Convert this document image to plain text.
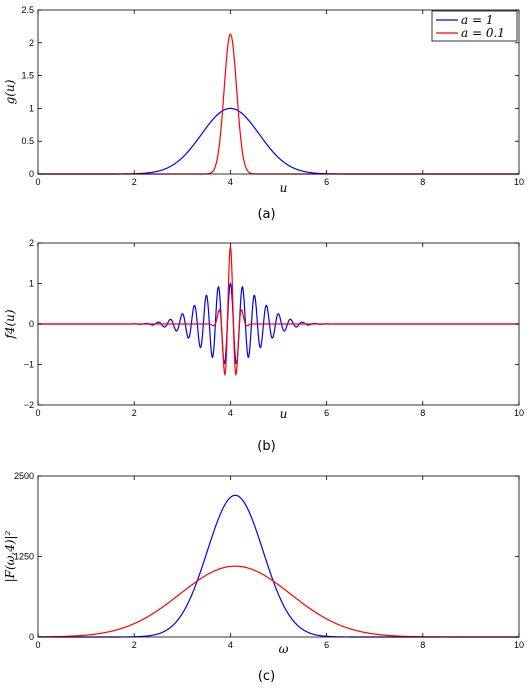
0	2	4	6	8	10
0
0.5
1
1.5
2
2.5
u
g(u)
(a)
a = 1
a = 0.1
0	2	4	6	8	10
−2
−1
0
1
2
u
f4(u)
(b)
0	2	4	6	8	10
0
1250
2500
ω
|F(ω,4)|²
(c)
